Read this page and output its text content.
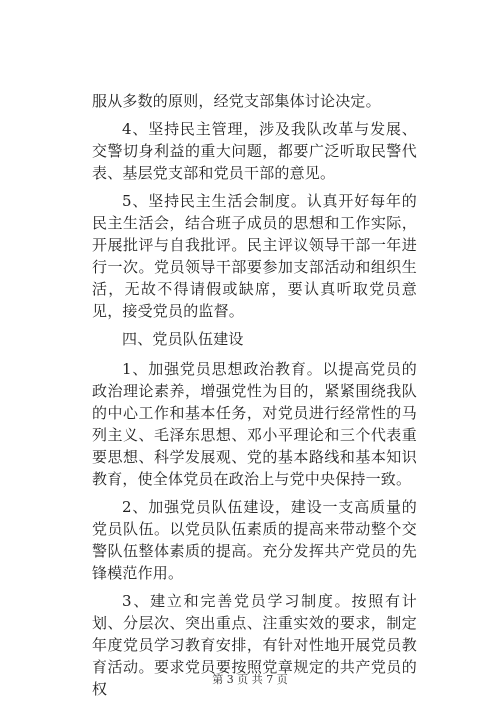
服从多数的原则，经党支部集体讨论决定。

4、坚持民主管理，涉及我队改革与发展、交警切身利益的重大问题，都要广泛听取民警代表、基层党支部和党员干部的意见。

5、坚持民主生活会制度。认真开好每年的民主生活会，结合班子成员的思想和工作实际，开展批评与自我批评。民主评议领导干部一年进行一次。党员领导干部要参加支部活动和组织生活，无故不得请假或缺席，要认真听取党员意见，接受党员的监督。

四、党员队伍建设

1、加强党员思想政治教育。以提高党员的政治理论素养，增强党性为目的，紧紧围绕我队的中心工作和基本任务，对党员进行经常性的马列主义、毛泽东思想、邓小平理论和三个代表重要思想、科学发展观、党的基本路线和基本知识教育，使全体党员在政治上与党中央保持一致。

2、加强党员队伍建设，建设一支高质量的党员队伍。以党员队伍素质的提高来带动整个交警队伍整体素质的提高。充分发挥共产党员的先锋模范作用。

3、建立和完善党员学习制度。按照有计划、分层次、突出重点、注重实效的要求，制定年度党员学习教育安排，有针对性地开展党员教育活动。要求党员要按照党章规定的共产党员的权

第 3 页 共 7 页
